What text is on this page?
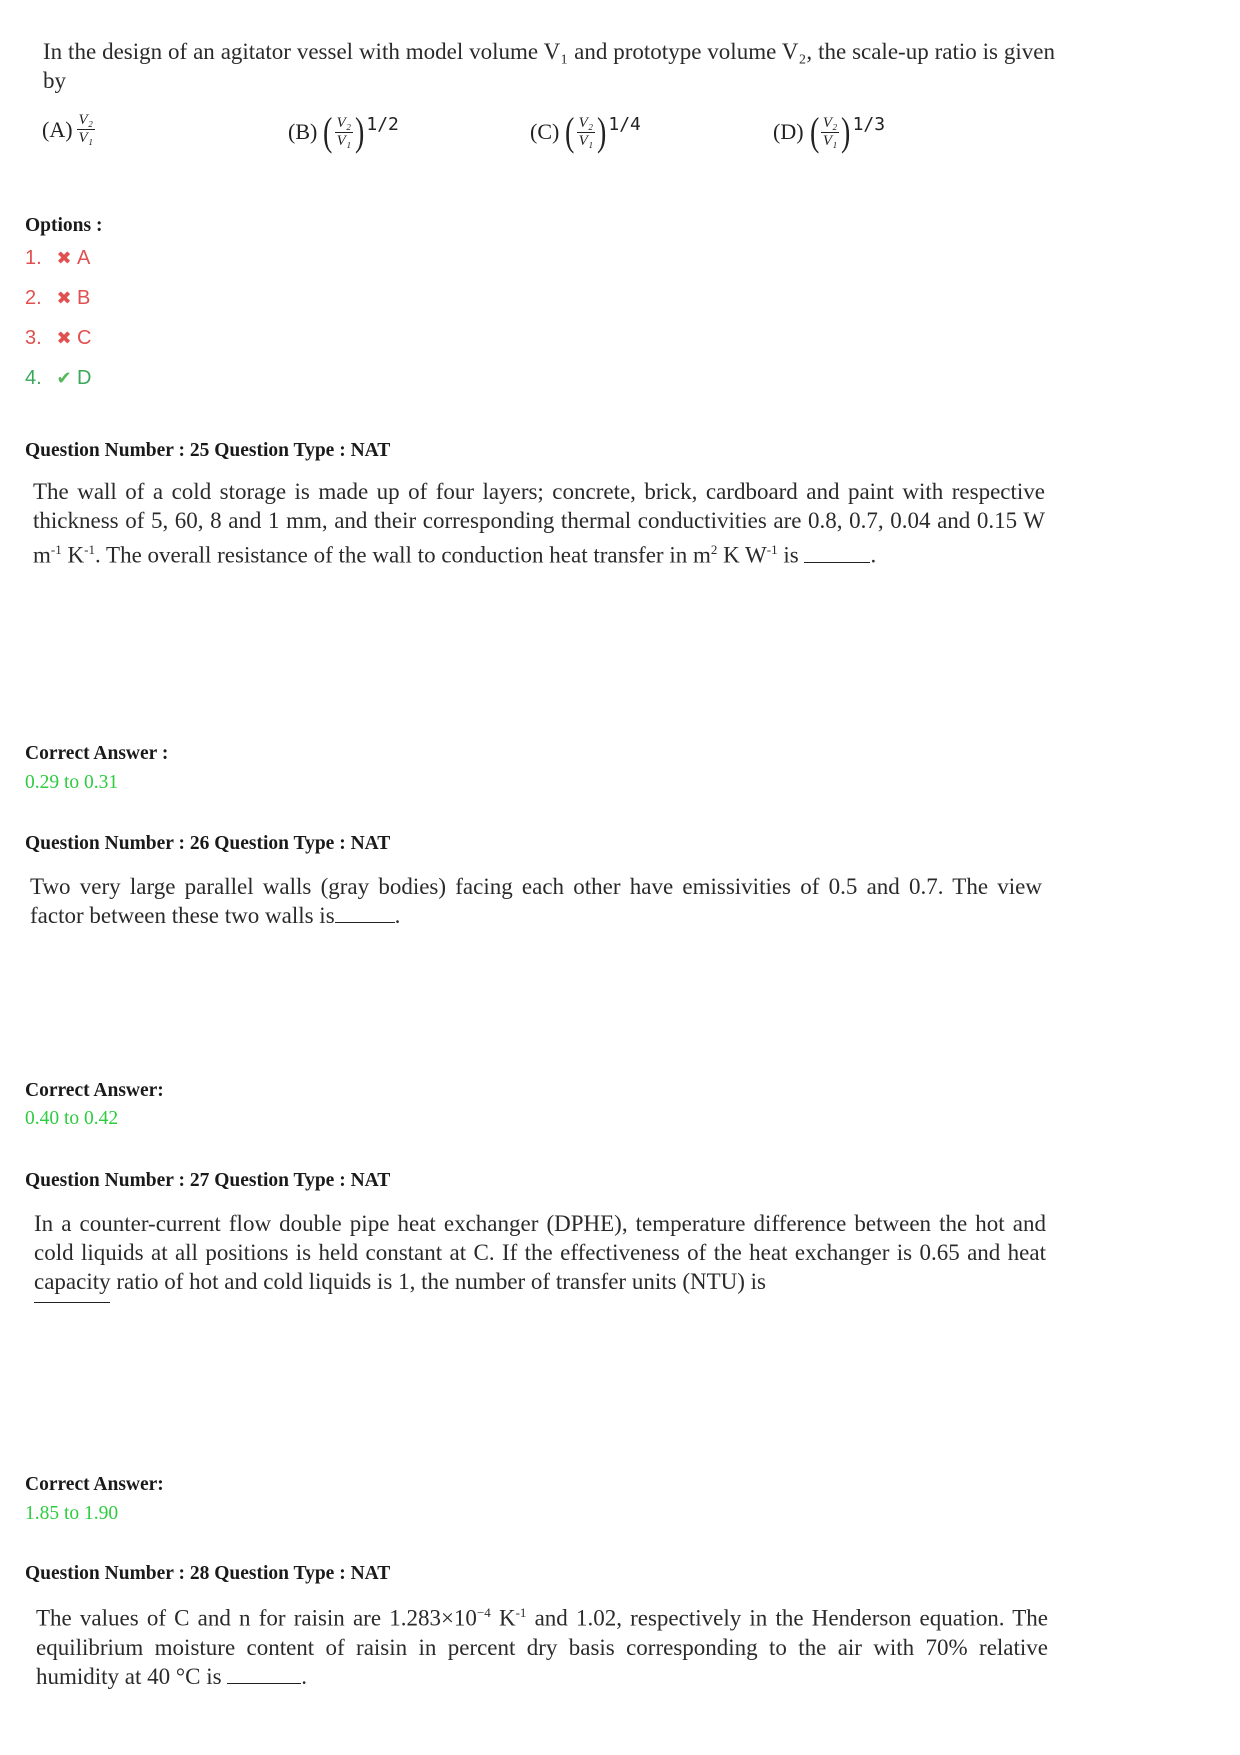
In the design of an agitator vessel with model volume V₁ and prototype volume V₂, the scale-up ratio is given by
$(A) \frac{\text{V₂}}{\text{V₁}}$	(B) ( $\frac{\text{V₂}}{\text{V₁}}$ ) 1/2	(C) ( $\frac{\text{V₂}}{\text{V₁}}$ ) 1/4	(D) ( $\frac{\text{V₂}}{\text{V₁}}$ ) 1/3
Options :
1. ✖ A
2. ✖ B
3. ✖ C
4. ✔ D
Question Number : 25 Question Type : NAT
The wall of a cold storage is made up of four layers; concrete, brick, cardboard and paint with respective thickness of 5, 60, 8 and 1 mm, and their corresponding thermal conductivities are 0.8, 0.7, 0.04 and 0.15 W $m^{-1}$ $K^{-1}$. The overall resistance of the wall to conduction heat transfer in $m^2$ K $W^{-1}$ is	.
Correct Answer :
0.29 to 0.31
Question Number : 26 Question Type : NAT
Two very large parallel walls (gray bodies) facing each other have emissivities of 0.5 and 0.7. The view factor between these two walls is	.
Correct Answer:
0.40 to 0.42
Question Number : 27 Question Type : NAT
In a counter-current flow double pipe heat exchanger (DPHE), temperature difference between the hot and cold liquids at all positions is held constant at C. If the effectiveness of the heat exchanger is 0.65 and heat capacity ratio of hot and cold liquids is 1, the number of transfer units (NTU) is
Correct Answer:
1.85 to 1.90
Question Number : 28 Question Type : NAT
The values of C and n for raisin are $1.283\times 10^{-4}$ $K^{-1}$ and 1.02, respectively in the Henderson equation. The equilibrium moisture content of raisin in percent dry basis corresponding to the air with 70% relative humidity at 40 °C is	.
